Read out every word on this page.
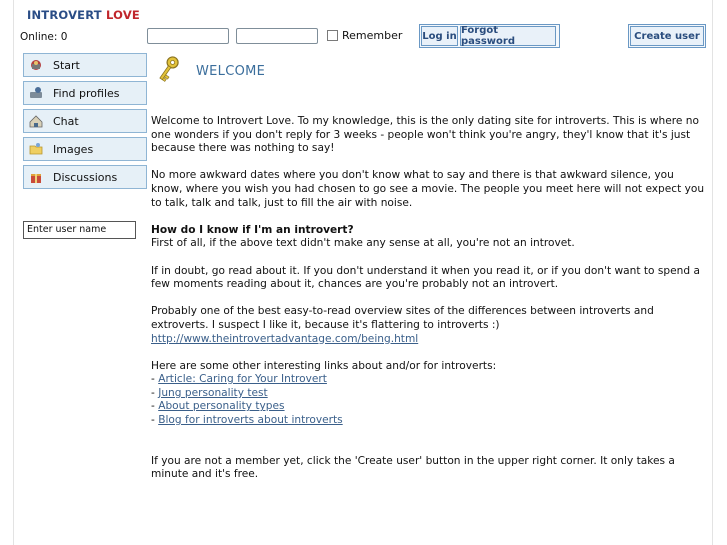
INTROVERT LOVE
Online: 0	Remember Log in Forgot password	Create user
Start
Find profiles
Chat
Images
Discussions
Enter user name
WELCOME

Welcome to Introvert Love. To my knowledge, this is the only dating site for introverts. This is where no one wonders if you don't reply for 3 weeks - people won't think you're angry, they'l know that it's just because there was nothing to say!

No more awkward dates where you don't know what to say and there is that awkward silence, you know, where you wish you had chosen to go see a movie. The people you meet here will not expect you to talk, talk and talk, just to fill the air with noise.

How do I know if I'm an introvert?

First of all, if the above text didn't make any sense at all, you're not an introvet.

If in doubt, go read about it. If you don't understand it when you read it, or if you don't want to spend a few moments reading about it, chances are you're probably not an introvert.

Probably one of the best easy-to-read overview sites of the differences between introverts and extroverts. I suspect I like it, because it's flattering to introverts :)

http://www.theintrovertadvantage.com/being.html

Here are some other interesting links about and/or for introverts:
- Article: Caring for Your Introvert
- Jung personality test
- About personality types
- Blog for introverts about introverts

If you are not a member yet, click the 'Create user' button in the upper right corner. It only takes a minute and it's free.
